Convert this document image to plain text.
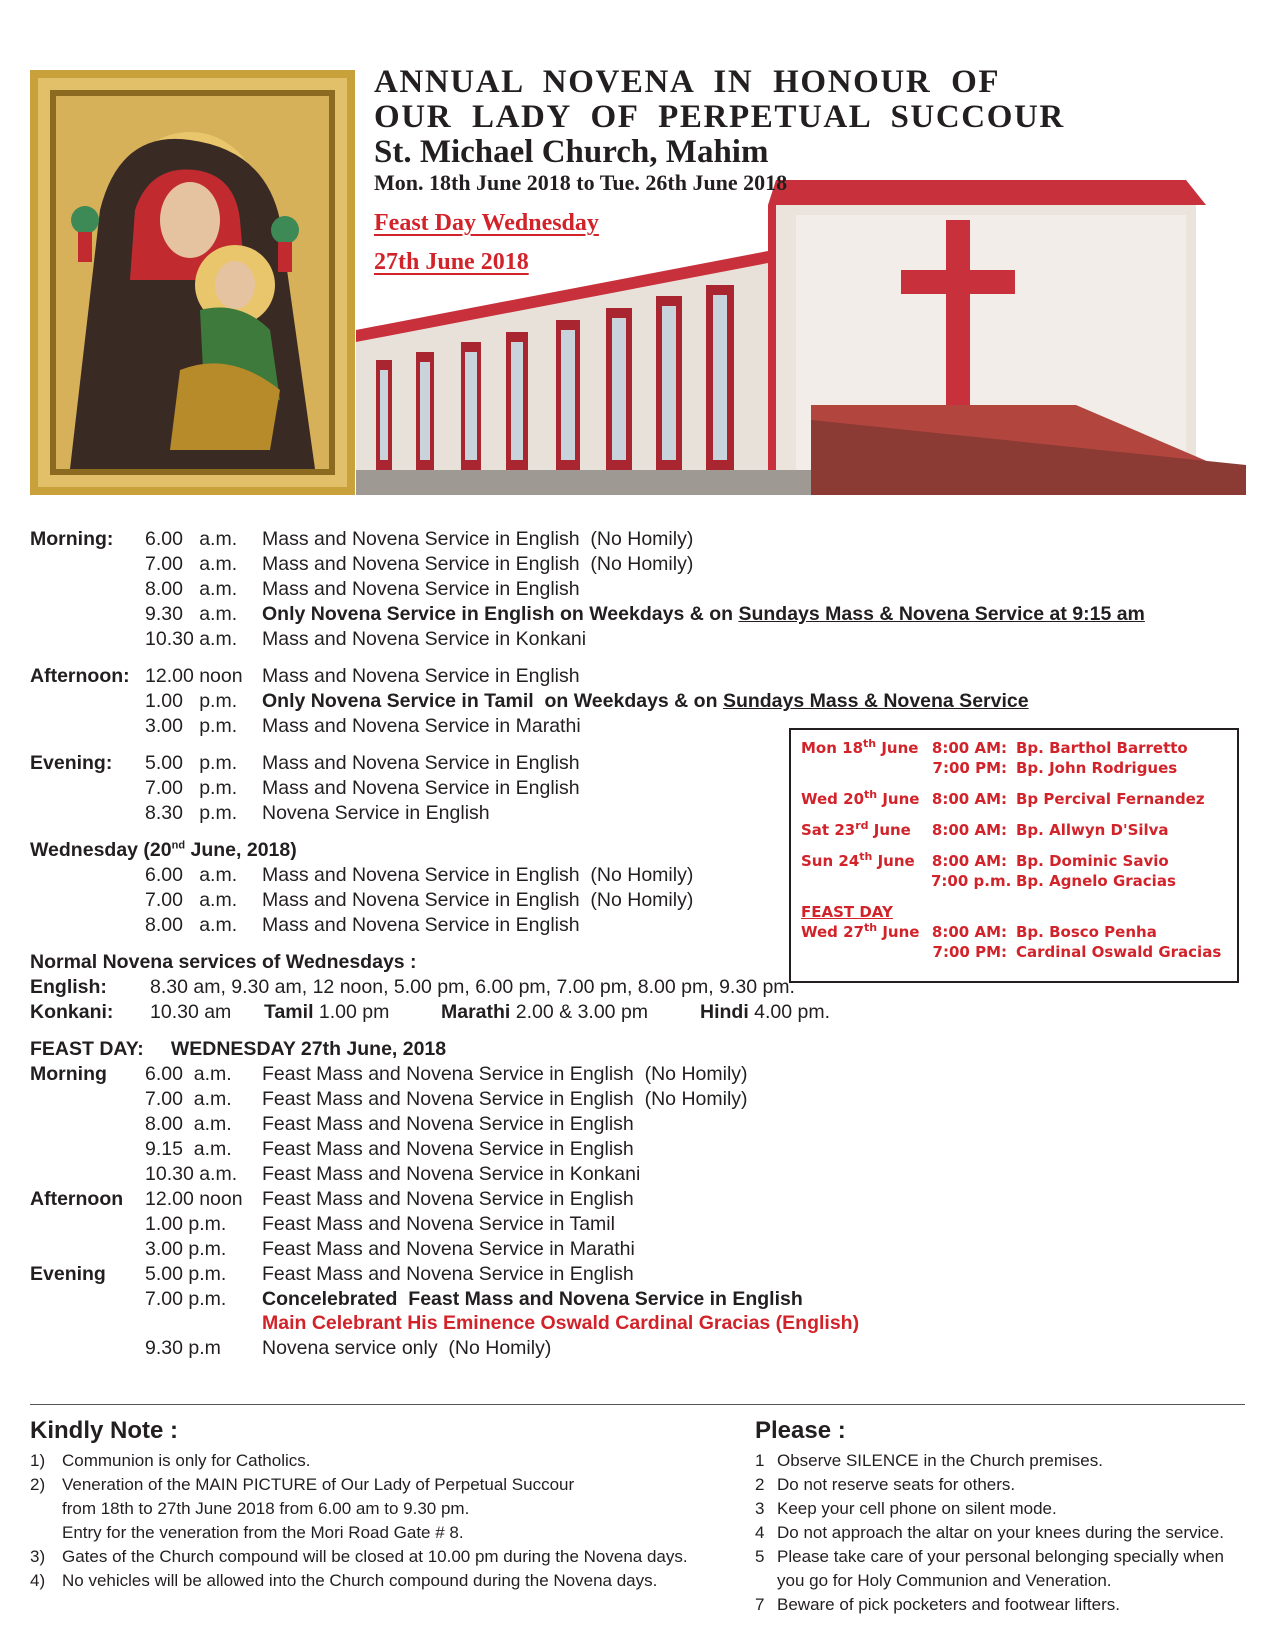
ANNUAL NOVENA IN HONOUR OF
OUR LADY OF PERPETUAL SUCCOUR
St. Michael Church, Mahim
Mon. 18th June 2018 to Tue. 26th June 2018
Feast Day Wednesday
27th June 2018
Morning: 6.00   a.m. Mass and Novena Service in English  (No Homily)
7.00   a.m. Mass and Novena Service in English  (No Homily)
8.00   a.m. Mass and Novena Service in English
9.30   a.m. Only Novena Service in English on Weekdays & on Sundays Mass & Novena Service at 9:15 am
10.30 a.m. Mass and Novena Service in Konkani
Afternoon: 12.00 noon Mass and Novena Service in English
1.00   p.m. Only Novena Service in Tamil  on Weekdays & on Sundays Mass & Novena Service
3.00   p.m. Mass and Novena Service in Marathi
Evening: 5.00   p.m. Mass and Novena Service in English
7.00   p.m. Mass and Novena Service in English
8.30   p.m. Novena Service in English
Wednesday (20nd June, 2018)
6.00   a.m. Mass and Novena Service in English  (No Homily)
7.00   a.m. Mass and Novena Service in English  (No Homily)
8.00   a.m. Mass and Novena Service in English
Normal Novena services of Wednesdays :
English: 8.30 am, 9.30 am, 12 noon, 5.00 pm, 6.00 pm, 7.00 pm, 8.00 pm, 9.30 pm.
Konkani: 10.30 am Tamil 1.00 pm	Marathi 2.00 & 3.00 pm	Hindi 4.00 pm.
FEAST DAY:     WEDNESDAY 27th June, 2018
Morning 6.00  a.m. Feast Mass and Novena Service in English  (No Homily)
7.00  a.m. Feast Mass and Novena Service in English  (No Homily)
8.00  a.m. Feast Mass and Novena Service in English
9.15  a.m. Feast Mass and Novena Service in English
10.30 a.m. Feast Mass and Novena Service in Konkani
Afternoon 12.00 noon Feast Mass and Novena Service in English
1.00 p.m. Feast Mass and Novena Service in Tamil
3.00 p.m. Feast Mass and Novena Service in Marathi
Evening 5.00 p.m. Feast Mass and Novena Service in English
7.00 p.m. Concelebrated  Feast Mass and Novena Service in English
Main Celebrant His Eminence Oswald Cardinal Gracias (English)
9.30 p.m Novena service only  (No Homily)
Mon 18th June 8:00 AM: Bp. Barthol Barretto
7:00 PM: Bp. John Rodrigues
Wed 20th June 8:00 AM: Bp Percival Fernandez
Sat 23rd June 8:00 AM: Bp. Allwyn D'Silva
Sun 24th June 8:00 AM: Bp. Dominic Savio
7:00 p.m. Bp. Agnelo Gracias
FEAST DAY
Wed 27th June 8:00 AM: Bp. Bosco Penha
7:00 PM: Cardinal Oswald Gracias
Kindly Note :
1) Communion is only for Catholics.
2) Veneration of the MAIN PICTURE of Our Lady of Perpetual Succour
from 18th to 27th June 2018 from 6.00 am to 9.30 pm.
Entry for the veneration from the Mori Road Gate # 8.
3) Gates of the Church compound will be closed at 10.00 pm during the Novena days.
4) No vehicles will be allowed into the Church compound during the Novena days.
Please :
1 Observe SILENCE in the Church premises.
2 Do not reserve seats for others.
3 Keep your cell phone on silent mode.
4 Do not approach the altar on your knees during the service.
5 Please take care of your personal belonging specially when
you go for Holy Communion and Veneration.
7 Beware of pick pocketers and footwear lifters.
